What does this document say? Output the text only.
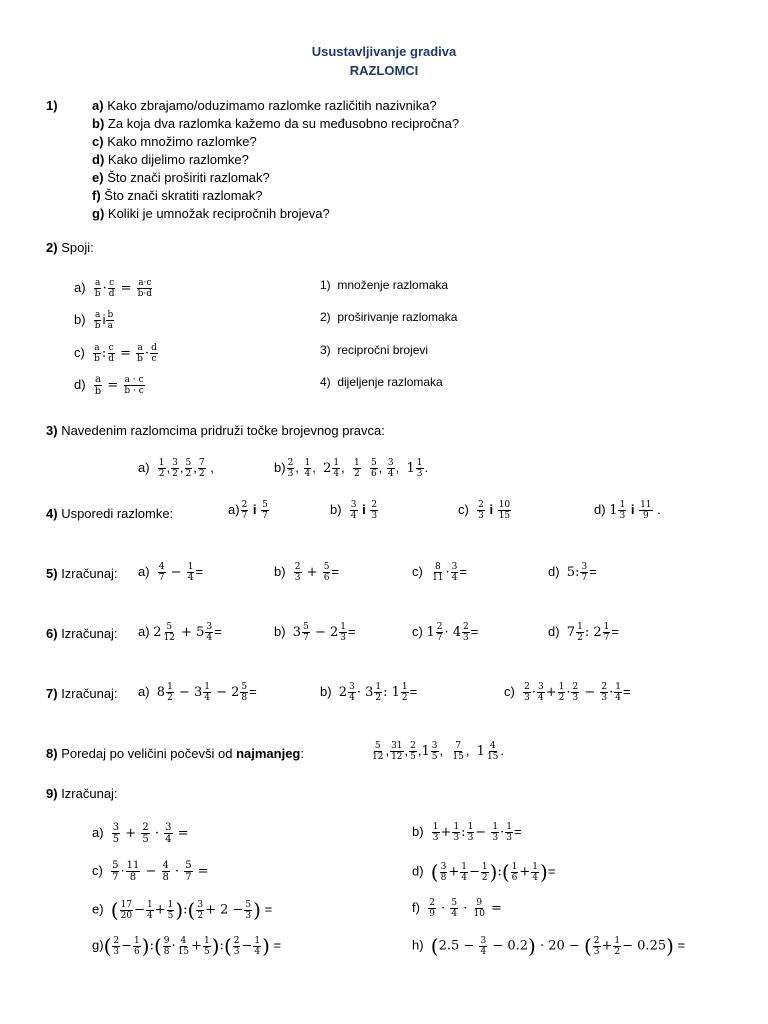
Usustavljivanje gradiva
RAZLOMCI
1)	a) Kako zbrajamo/oduzimamo razlomke različitih nazivnika?
b) Za koja dva razlomka kažemo da su međusobno recipročna?
c) Kako množimo razlomke?
d) Kako dijelimo razlomke?
e) Što znači proširiti razlomak?
f) Što znači skratiti razlomak?
g) Koliki je umnožak recipročnih brojeva?
2) Spoji:
$a) \frac{a}{b} \cdot \frac{c}{d} = \frac{a\cdot c}{b\cdot d}$
$b) \frac{a}{b}$ i $\frac{b}{a}$
$c) \frac{a}{b}$ : $\frac{c}{d} = \frac{a}{b} \cdot \frac{d}{c}$
$d) \frac{a}{b} = \frac{a \cdot c}{b \cdot c}$
1) množenje razlomaka
2) proširivanje razlomaka
3) recipročni brojevi
4) dijeljenje razlomaka
3) Navedenim razlomcima pridruži točke brojevnog pravca:
$a) \frac{1}{2}$ , $\frac{3}{2}$ , $\frac{5}{2}$ , $\frac{7}{2}$ ,	$b) \frac{2}{3}$ , $\frac{1}{4}$ ,  $2 \frac{1}{4}$ , $\frac{1}{2}$
$\frac{5}{6}$ , $\frac{3}{4}$ ,  $1 \frac{1}{3}$ .
4) Usporedi razlomke:	$a) \frac{2}{7}$ i $\frac{5}{7}$	$b) \frac{3}{4}$ i $\frac{2}{3}$	$c) \frac{2}{3}$ i $\frac{10}{15}$	d) $1 \frac{1}{3}$ i $\frac{11}{9}$ .
5) Izračunaj: $a) \frac{4}{7} - \frac{1}{4}$ =	$b) \frac{2}{3} + \frac{5}{6}$ =	$c) \frac{8}{11} \cdot \frac{3}{4}$ =	d) 5: $\frac{3}{7}$ =
6) Izračunaj: a) $2 \frac{5}{12} + 5 \frac{3}{4}$ =	b) $3 \frac{5}{7} - 2 \frac{1}{3}$ =	c) $1 \frac{2}{7} \cdot 4 \frac{2}{3}$ =	d) $7 \frac{1}{2}$ : $2 \frac{1}{7}$ =
7) Izračunaj: a) $8 \frac{1}{2} - 3 \frac{1}{4} - 2 \frac{5}{8}$ =	b) $2 \frac{3}{4} \cdot 3 \frac{1}{2}$ : $1 \frac{1}{2}$ =	$c) \frac{2}{3} \cdot \frac{3}{4} + \frac{1}{2} \cdot \frac{2}{3} - \frac{2}{3} \cdot \frac{1}{4}$ =
8) Poredaj po veličini počevši od najmanjeg:	$\frac{5}{12}$ , $\frac{31}{12}$ , $\frac{2}{5} ,1 \frac{3}{5}$ , $\frac{7}{15}$ ,  $1 \frac{4}{15}$ .
9) Izračunaj:
$a) \frac{3}{5} + \frac{2}{5} \cdot \frac{3}{4}$ =	$b) \frac{1}{3} + \frac{1}{3}$ : $\frac{1}{3} - \frac{1}{3} \cdot \frac{1}{3}$ =
$c) \frac{5}{7} \cdot \frac{11}{8} - \frac{4}{8} \cdot \frac{5}{7}$ =	d) ( $\frac{3}{8} + \frac{1}{4} - \frac{1}{2}$ ):( $\frac{1}{6} + \frac{1}{4}$ )=
e) ( $\frac{17}{20} - \frac{1}{4} + \frac{1}{5}$ ):( $\frac{3}{2} + 2 - \frac{5}{3}$ ) =	$f) \frac{2}{9} \cdot \frac{5}{4} \cdot \frac{9}{10}$ =
$g)( \frac{2}{3} - \frac{1}{6}$ ):( $\frac{9}{8} \cdot \frac{4}{15} + \frac{1}{5}$ ):( $\frac{2}{3} - \frac{1}{4}$ ) =	h) $(2.5 - \frac{3}{4} - 0.2) \cdot 20$ − ( $\frac{2}{3} + \frac{1}{2} - 0.25$) =
